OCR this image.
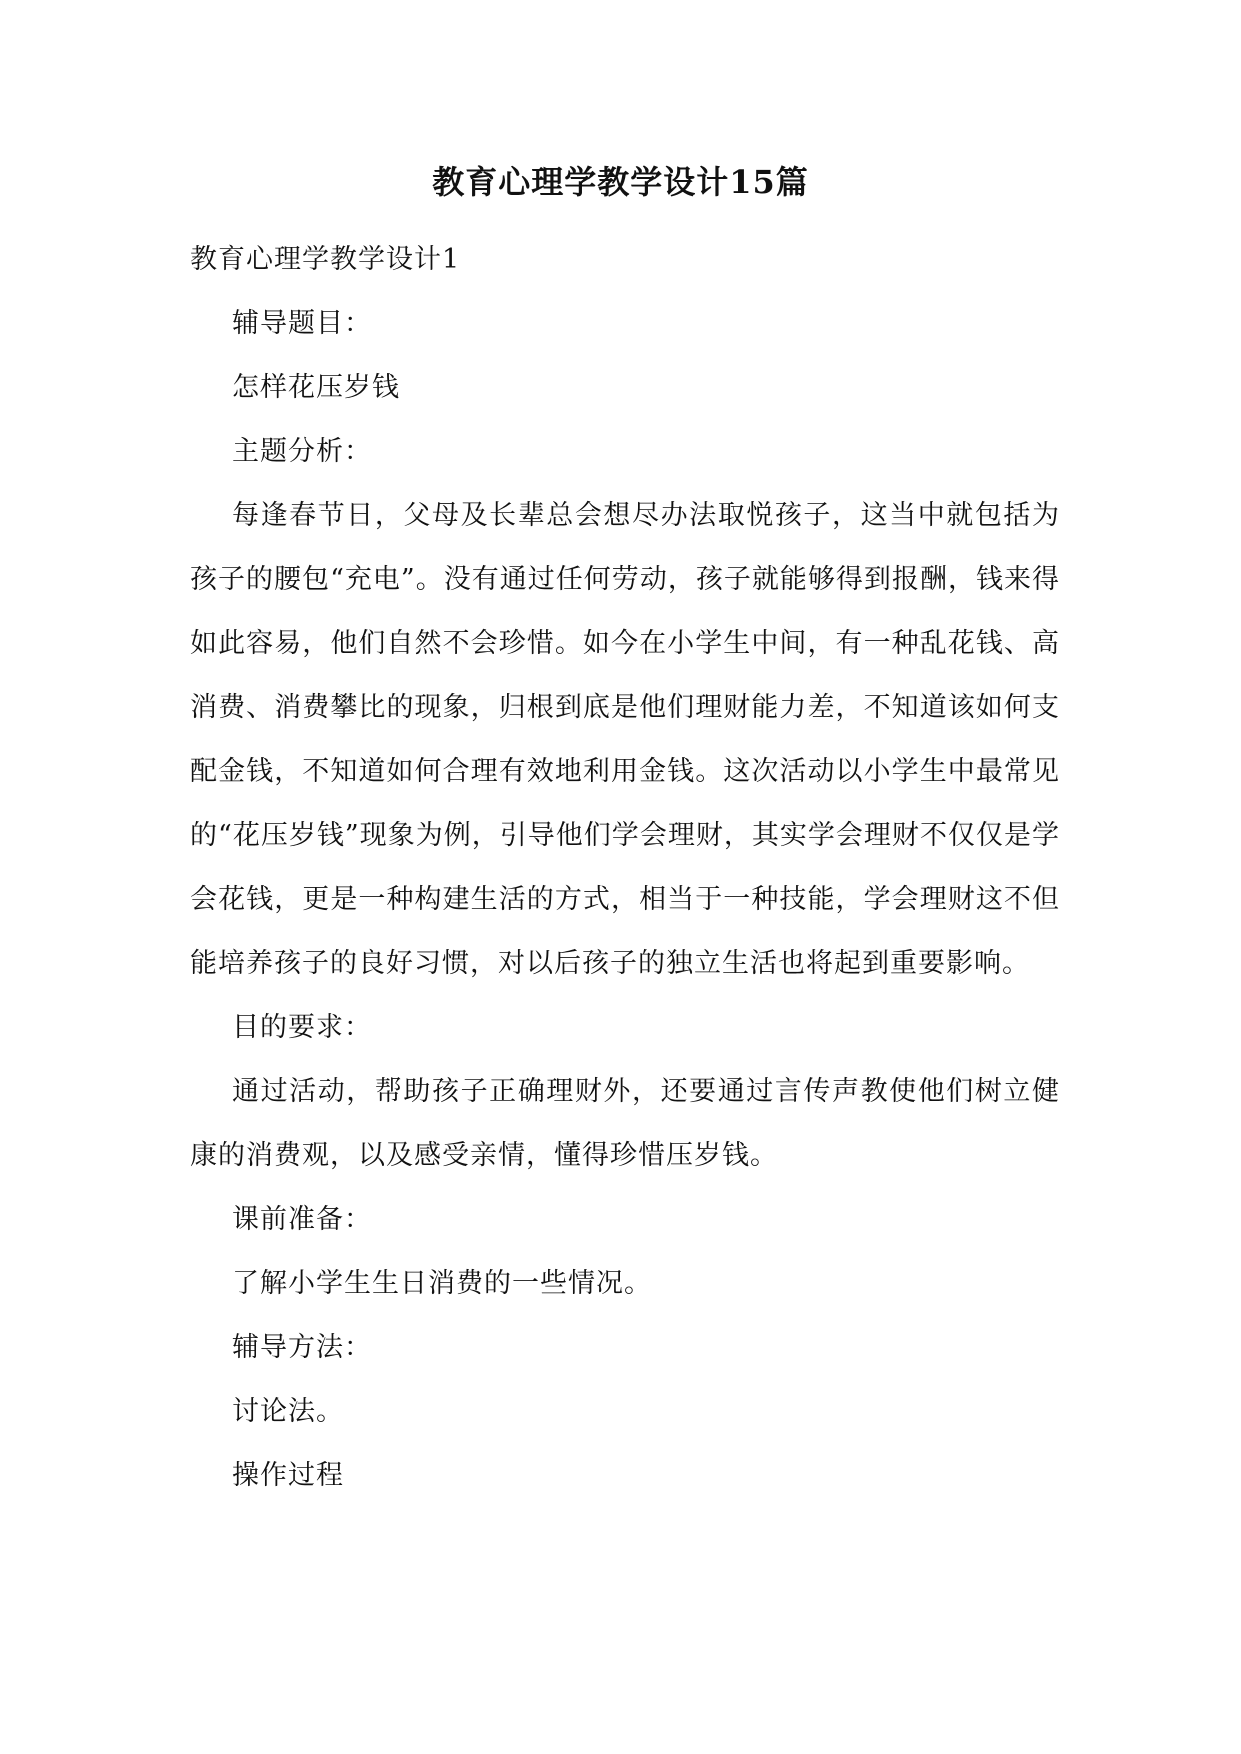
教育心理学教学设计15篇

教育心理学教学设计1

辅导题目：

怎样花压岁钱

主题分析：

每逢春节日，父母及长辈总会想尽办法取悦孩子，这当中就包括为孩子的腰包“充电”。没有通过任何劳动，孩子就能够得到报酬，钱来得如此容易，他们自然不会珍惜。如今在小学生中间，有一种乱花钱、高消费、消费攀比的现象，归根到底是他们理财能力差，不知道该如何支配金钱，不知道如何合理有效地利用金钱。这次活动以小学生中最常见的“花压岁钱”现象为例，引导他们学会理财，其实学会理财不仅仅是学会花钱，更是一种构建生活的方式，相当于一种技能，学会理财这不但能培养孩子的良好习惯，对以后孩子的独立生活也将起到重要影响。

目的要求：

通过活动，帮助孩子正确理财外，还要通过言传声教使他们树立健康的消费观，以及感受亲情，懂得珍惜压岁钱。

课前准备：

了解小学生生日消费的一些情况。

辅导方法：

讨论法。

操作过程
